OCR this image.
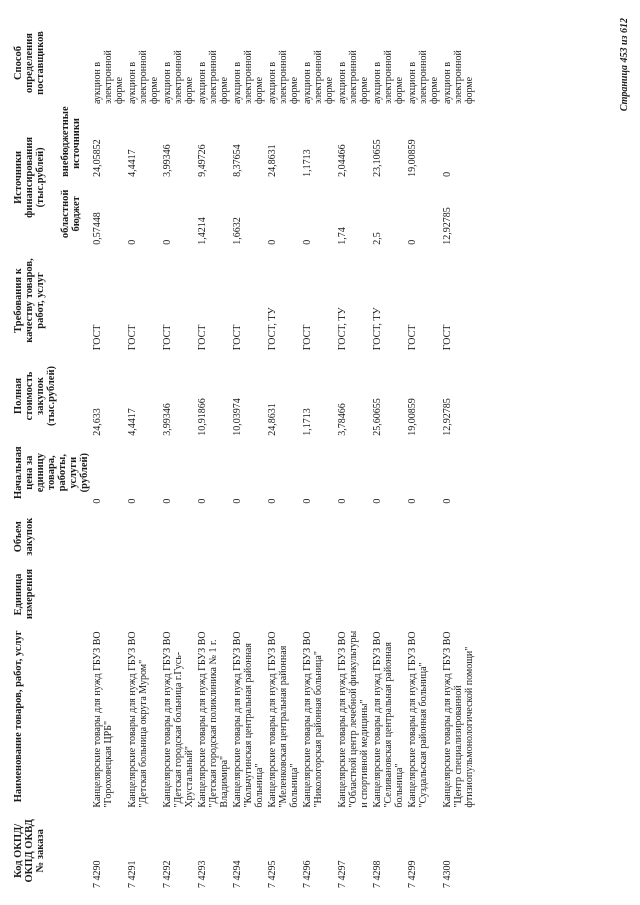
Код ОКПД/ ОКПД ОКВД № заказа	Наименование товаров, работ, услуг	Единица измерения	Объем закупок	Начальная цена за единицу товара, работы, услуги (рублей)	Полная стоимость закупок (тыс.рублей)	Требования к качеству товаров, работ, услуг	Источники финансирования (тыс.рублей)		Способ определения поставщиков
							областной бюджет	внебюджетные источники	
7 4290	Канцелярские товары для нужд ГБУЗ ВО "Гороховецкая ЦРБ"			0	24,633	ГОСТ	0,57448	24,05852	аукцион в электронной форме
7 4291	Канцелярские товары для нужд ГБУЗ ВО "Детская больница округа Муром"			0	4,4417	ГОСТ	0	4,4417	аукцион в электронной форме
7 4292	Канцелярские товары для нужд ГБУЗ ВО "Детская городская больница г.Гусь-Хрустальный"			0	3,99346	ГОСТ	0	3,99346	аукцион в электронной форме
7 4293	Канцелярские товары для нужд ГБУЗ ВО "Детская городская поликлиника № 1 г. Владимира"			0	10,91866	ГОСТ	1,4214	9,49726	аукцион в электронной форме
7 4294	Канцелярские товары для нужд ГБУЗ ВО "Кольчугинская центральная районная больница"			0	10,03974	ГОСТ	1,6632	8,37654	аукцион в электронной форме
7 4295	Канцелярские товары для нужд ГБУЗ ВО "Меленковская центральная районная больница"			0	24,8631	ГОСТ, ТУ	0	24,8631	аукцион в электронной форме
7 4296	Канцелярские товары для нужд ГБУЗ ВО "Никологорская районная больница"			0	1,1713	ГОСТ	0	1,1713	аукцион в электронной форме
7 4297	Канцелярские товары для нужд ГБУЗ ВО "Областной центр лечебной физкультуры и спортивной медицины"			0	3,78466	ГОСТ, ТУ	1,74	2,04466	аукцион в электронной форме
7 4298	Канцелярские товары для нужд ГБУЗ ВО "Селивановская центральная районная больница"			0	25,60655	ГОСТ, ТУ	2,5	23,10655	аукцион в электронной форме
7 4299	Канцелярские товары для нужд ГБУЗ ВО "Суздальская районная больница"			0	19,00859	ГОСТ	0	19,00859	аукцион в электронной форме
7 4300	Канцелярские товары для нужд ГБУЗ ВО "Центр специализированной фтизиопульмонологической помощи"			0	12,92785	ГОСТ	12,92785	0	аукцион в электронной форме	Страница 453 из 612
